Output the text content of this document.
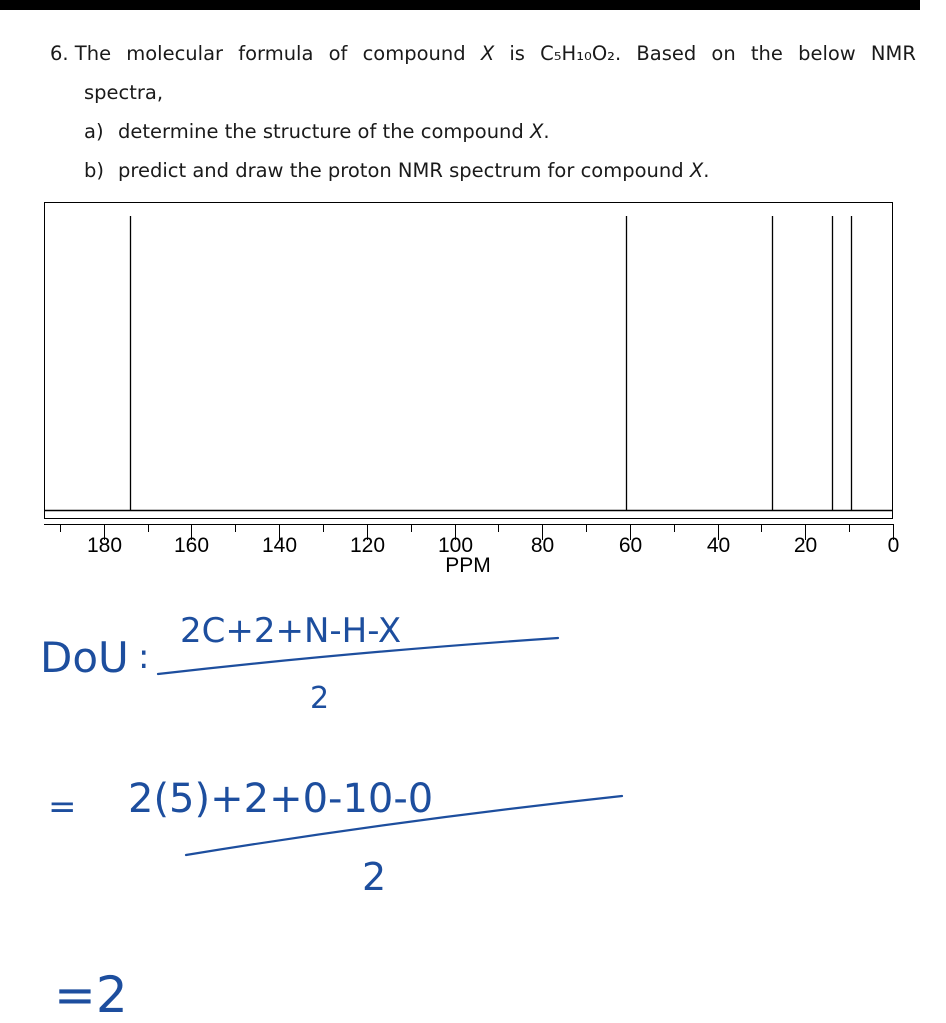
6. The molecular formula of compound X is C₅H₁₀O₂. Based on the below NMR
spectra,
a) determine the structure of the compound X.
b) predict and draw the proton NMR spectrum for compound X.
180 160	140	120	100	80	60	40	20	0
PPM
DoU :
2C+2+N-H-X
2
= 2(5)+2+0-10-0
2
=2
